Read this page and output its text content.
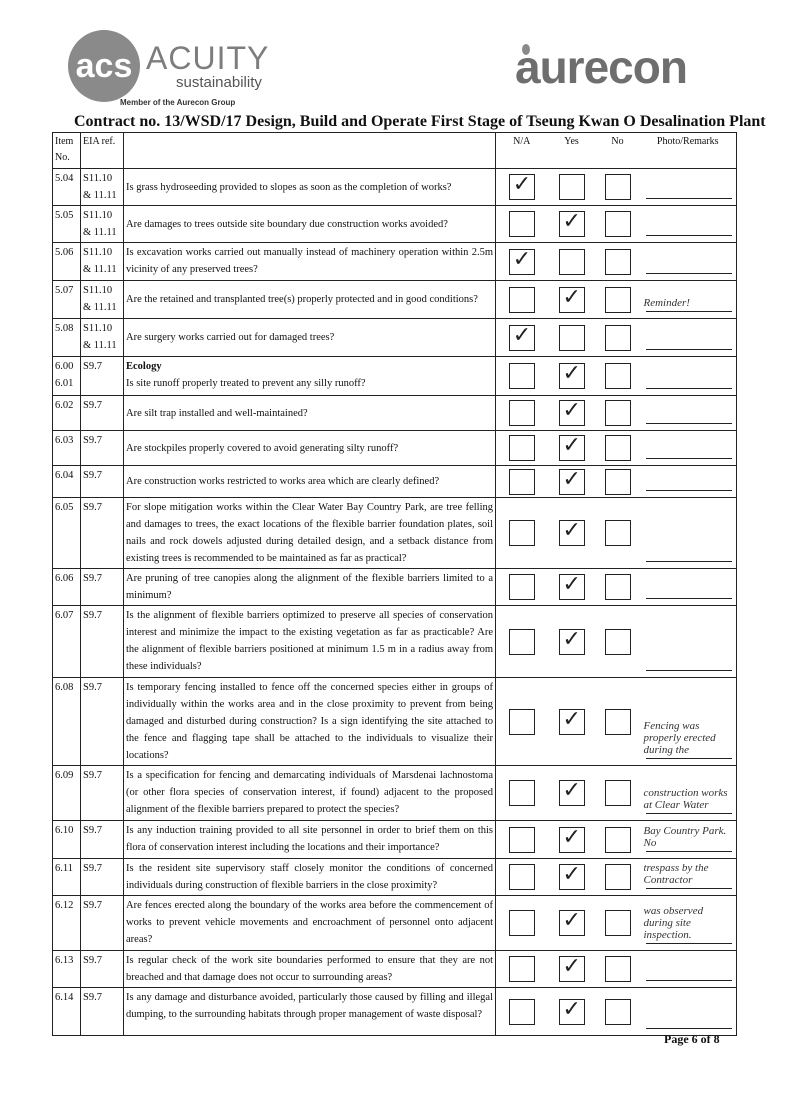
acs ACUITY
sustainability
Member of the Aurecon Group
aurecon
Contract no. 13/WSD/17 Design, Build and Operate First Stage of Tseung Kwan O Desalination Plant
Item No.	EIA ref.		N/A	Yes	No	Photo/Remarks
5.04	S11.10 & 11.11	Is grass hydroseeding provided to slopes as soon as the completion of works?	✓			

5.05	S11.10 & 11.11	Are damages to trees outside site boundary due construction works avoided?		✓		

5.06	S11.10 & 11.11	Is excavation works carried out manually instead of machinery operation within 2.5m vicinity of any preserved trees?	✓			

5.07	S11.10 & 11.11	Are the retained and transplanted tree(s) properly protected and in good conditions?		✓		Reminder!

5.08	S11.10 & 11.11	Are surgery works carried out for damaged trees?	✓			

6.00 6.01	S9.7	Ecology
Is site runoff properly treated to prevent any silly runoff?		✓		

6.02	S9.7	Are silt trap installed and well-maintained?		✓		

6.03	S9.7	Are stockpiles properly covered to avoid generating silty runoff?		✓		

6.04	S9.7	Are construction works restricted to works area which are clearly defined?		✓		

6.05	S9.7	For slope mitigation works within the Clear Water Bay Country Park, are tree felling and damages to trees, the exact locations of the flexible barrier foundation plates, soil nails and rock dowels adjusted during detailed design, and a setback distance from existing trees is recommended to be maintained as far as practical?		✓		

6.06	S9.7	Are pruning of tree canopies along the alignment of the flexible barriers limited to a minimum?		✓		

6.07	S9.7	Is the alignment of flexible barriers optimized to preserve all species of conservation interest and minimize the impact to the existing vegetation as far as practicable? Are the alignment of flexible barriers positioned at minimum 1.5 m in a radius away from these individuals?		✓		

6.08	S9.7	Is temporary fencing installed to fence off the concerned species either in groups of individually within the works area and in the close proximity to prevent from being damaged and disturbed during construction? Is a sign identifying the site attached to the fence and flagging tape shall be attached to the individuals to visualize their locations?		✓		Fencing was properly erected during the

6.09	S9.7	Is a specification for fencing and demarcating individuals of Marsdenai lachnostoma (or other flora species of conservation interest, if found) adjacent to the proposed alignment of the flexible barriers prepared to protect the species?		✓		construction works at Clear Water

6.10	S9.7	Is any induction training provided to all site personnel in order to brief them on this flora of conservation interest including the locations and their importance?		✓		Bay Country Park. No

6.11	S9.7	Is the resident site supervisory staff closely monitor the conditions of concerned individuals during construction of flexible barriers in the close proximity?		✓		trespass by the Contractor

6.12	S9.7	Are fences erected along the boundary of the works area before the commencement of works to prevent vehicle movements and encroachment of personnel onto adjacent areas?		✓		was observed during site inspection.

6.13	S9.7	Is regular check of the work site boundaries performed to ensure that they are not breached and that damage does not occur to surrounding areas?		✓		

6.14	S9.7	Is any damage and disturbance avoided, particularly those caused by filling and illegal dumping, to the surrounding habitats through proper management of waste disposal?		✓		

Page 6 of 8
